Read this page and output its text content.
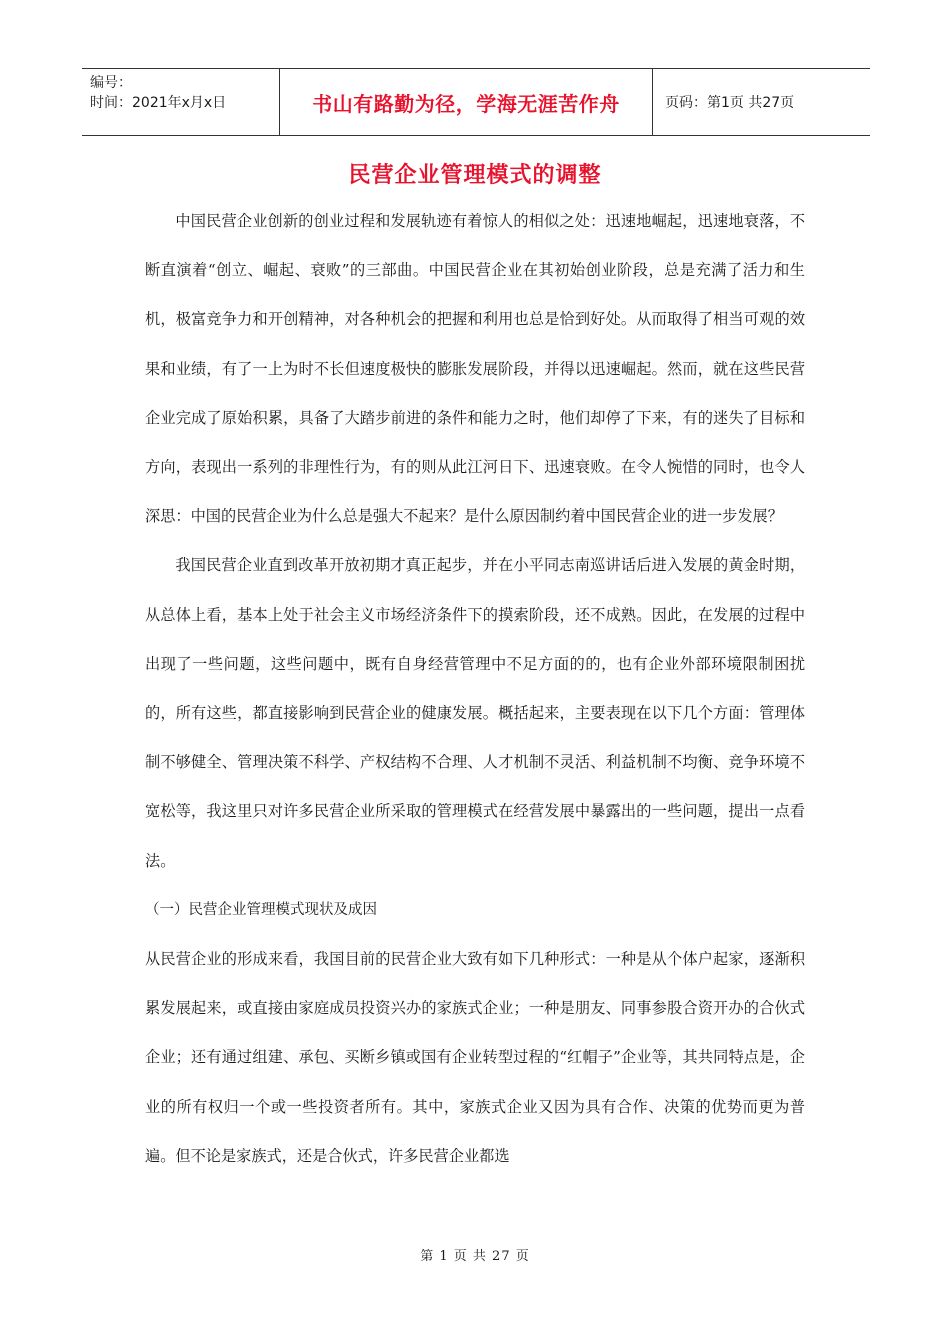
编号：
时间：2021年x月x日	书山有路勤为径，学海无涯苦作舟	页码：第1页 共27页
民营企业管理模式的调整

中国民营企业创新的创业过程和发展轨迹有着惊人的相似之处：迅速地崛起，迅速地衰落，不断直演着“创立、崛起、衰败”的三部曲。中国民营企业在其初始创业阶段，总是充满了活力和生机，极富竞争力和开创精神，对各种机会的把握和利用也总是恰到好处。从而取得了相当可观的效果和业绩，有了一上为时不长但速度极快的膨胀发展阶段，并得以迅速崛起。然而，就在这些民营企业完成了原始积累，具备了大踏步前进的条件和能力之时，他们却停了下来，有的迷失了目标和方向，表现出一系列的非理性行为，有的则从此江河日下、迅速衰败。在令人惋惜的同时，也令人深思：中国的民营企业为什么总是强大不起来？是什么原因制约着中国民营企业的进一步发展？

我国民营企业直到改革开放初期才真正起步，并在小平同志南巡讲话后进入发展的黄金时期，从总体上看，基本上处于社会主义市场经济条件下的摸索阶段，还不成熟。因此，在发展的过程中出现了一些问题，这些问题中，既有自身经营管理中不足方面的的，也有企业外部环境限制困扰的，所有这些，都直接影响到民营企业的健康发展。概括起来，主要表现在以下几个方面：管理体制不够健全、管理决策不科学、产权结构不合理、人才机制不灵活、利益机制不均衡、竞争环境不宽松等，我这里只对许多民营企业所采取的管理模式在经营发展中暴露出的一些问题，提出一点看法。

（一）民营企业管理模式现状及成因

从民营企业的形成来看，我国目前的民营企业大致有如下几种形式：一种是从个体户起家，逐渐积累发展起来，或直接由家庭成员投资兴办的家族式企业；一种是朋友、同事参股合资开办的合伙式企业；还有通过组建、承包、买断乡镇或国有企业转型过程的“红帽子”企业等，其共同特点是，企业的所有权归一个或一些投资者所有。其中，家族式企业又因为具有合作、决策的优势而更为普遍。但不论是家族式，还是合伙式，许多民营企业都选

第 1 页 共 27 页
